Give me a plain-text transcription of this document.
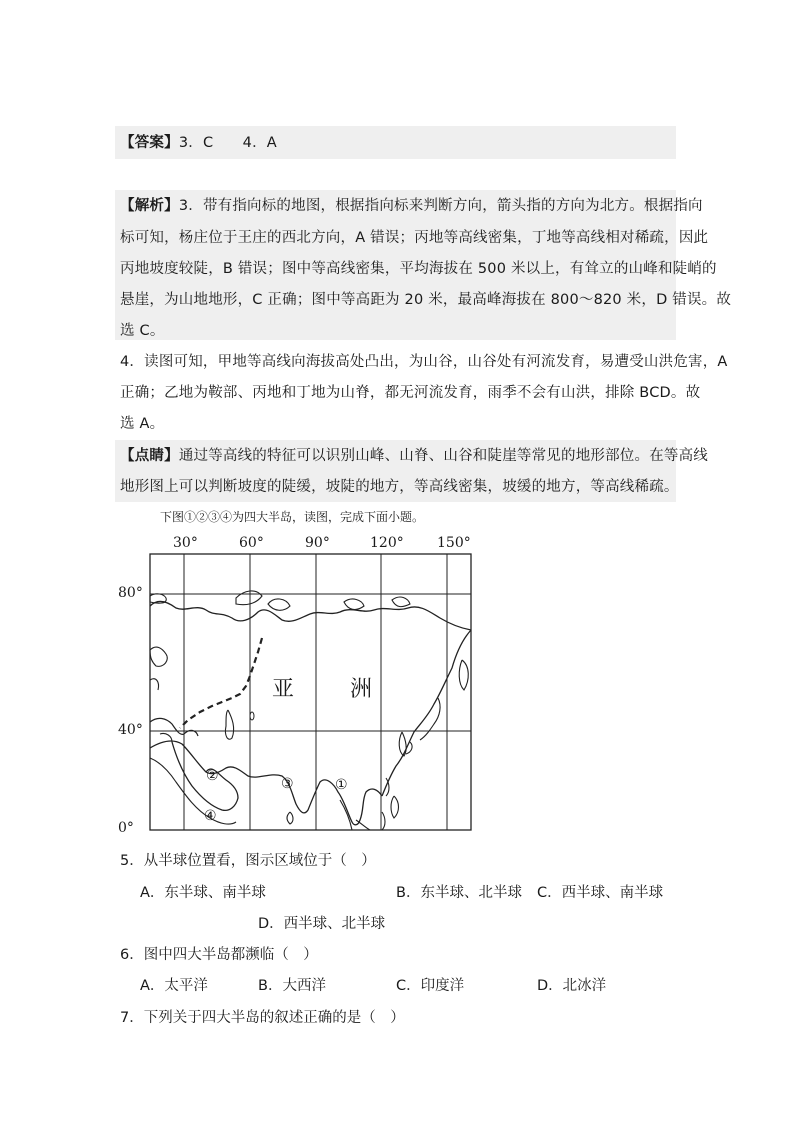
【答案】3．C　　4．A
【解析】3．带有指向标的地图，根据指向标来判断方向，箭头指的方向为北方。根据指向
标可知，杨庄位于王庄的西北方向，A 错误；丙地等高线密集，丁地等高线相对稀疏，因此
丙地坡度较陡，B 错误；图中等高线密集，平均海拔在 500 米以上，有耸立的山峰和陡峭的
悬崖，为山地地形，C 正确；图中等高距为 20 米，最高峰海拔在 800～820 米，D 错误。故
选 C。
4．读图可知，甲地等高线向海拔高处凸出，为山谷，山谷处有河流发育，易遭受山洪危害，A
正确；乙地为鞍部、丙地和丁地为山脊，都无河流发育，雨季不会有山洪，排除 BCD。故
选 A。
【点睛】通过等高线的特征可以识别山峰、山脊、山谷和陡崖等常见的地形部位。在等高线
地形图上可以判断坡度的陡缓，坡陡的地方，等高线密集，坡缓的地方，等高线稀疏。
下图①②③④为四大半岛，读图，完成下面小题。
30°	60°	90°	120° 150°
80°
40°
0°
亚	洲
①
②	③
④
5．从半球位置看，图示区域位于（　）
A．东半球、南半球	B．东半球、北半球 C．西半球、南半球
D．西半球、北半球
6．图中四大半岛都濒临（　）
A．太平洋	B．大西洋	C．印度洋	D．北冰洋
7．下列关于四大半岛的叙述正确的是（　）
